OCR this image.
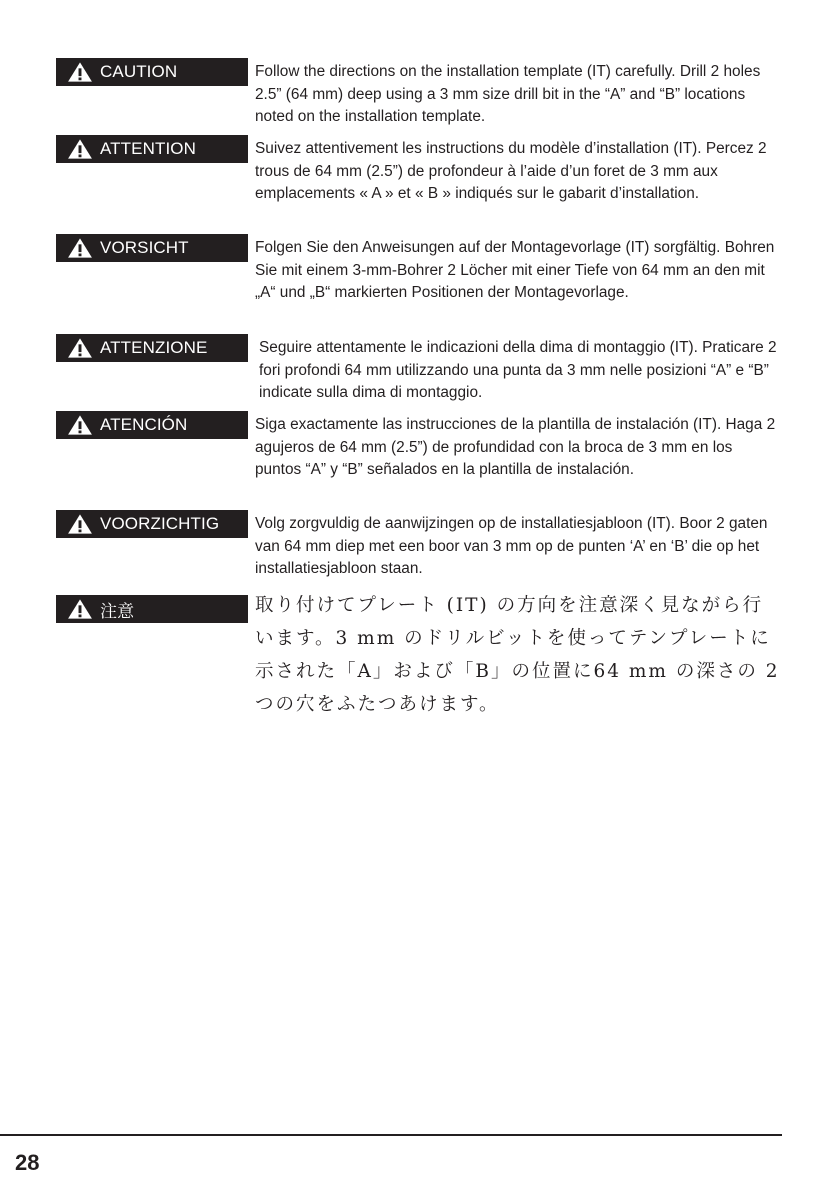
CAUTION	Follow the directions on the installation template (IT) carefully. Drill 2 holes 2.5” (64 mm) deep using a 3 mm size drill bit in the “A” and “B” locations noted on the installation template.
ATTENTION	Suivez attentivement les instructions du modèle d’installation (IT). Percez 2 trous de 64 mm (2.5”) de profondeur à l’aide d’un foret de 3 mm aux emplacements « A » et « B » indiqués sur le gabarit d’installation.
VORSICHT	Folgen Sie den Anweisungen auf der Montagevorlage (IT) sorgfältig. Bohren Sie mit einem 3-mm-Bohrer 2 Löcher mit einer Tiefe von 64 mm an den mit „A“ und „B“ markierten Positionen der Montagevorlage.
ATTENZIONE	Seguire attentamente le indicazioni della dima di montaggio (IT). Praticare 2 fori profondi 64 mm utilizzando una punta da 3 mm nelle posizioni “A” e “B” indicate sulla dima di montaggio.
ATENCIÓN	Siga exactamente las instrucciones de la plantilla de instalación (IT). Haga 2 agujeros de 64 mm (2.5”) de profundidad con la broca de 3 mm en los puntos “A” y “B” señalados en la plantilla de instalación.
VOORZICHTIG Volg zorgvuldig de aanwijzingen op de installatiesjabloon (IT). Boor 2 gaten van 64 mm diep met een boor van 3 mm op de punten ‘A’ en ‘B’ die op het installatiesjabloon staan.
注意	取り付けてプレート (IT) の方向を注意深く見ながら行います。3 mm のドリルビットを使ってテンプレートに示された「A」および「B」の位置に64 mm の深さの 2 つの穴をふたつあけます。
28
